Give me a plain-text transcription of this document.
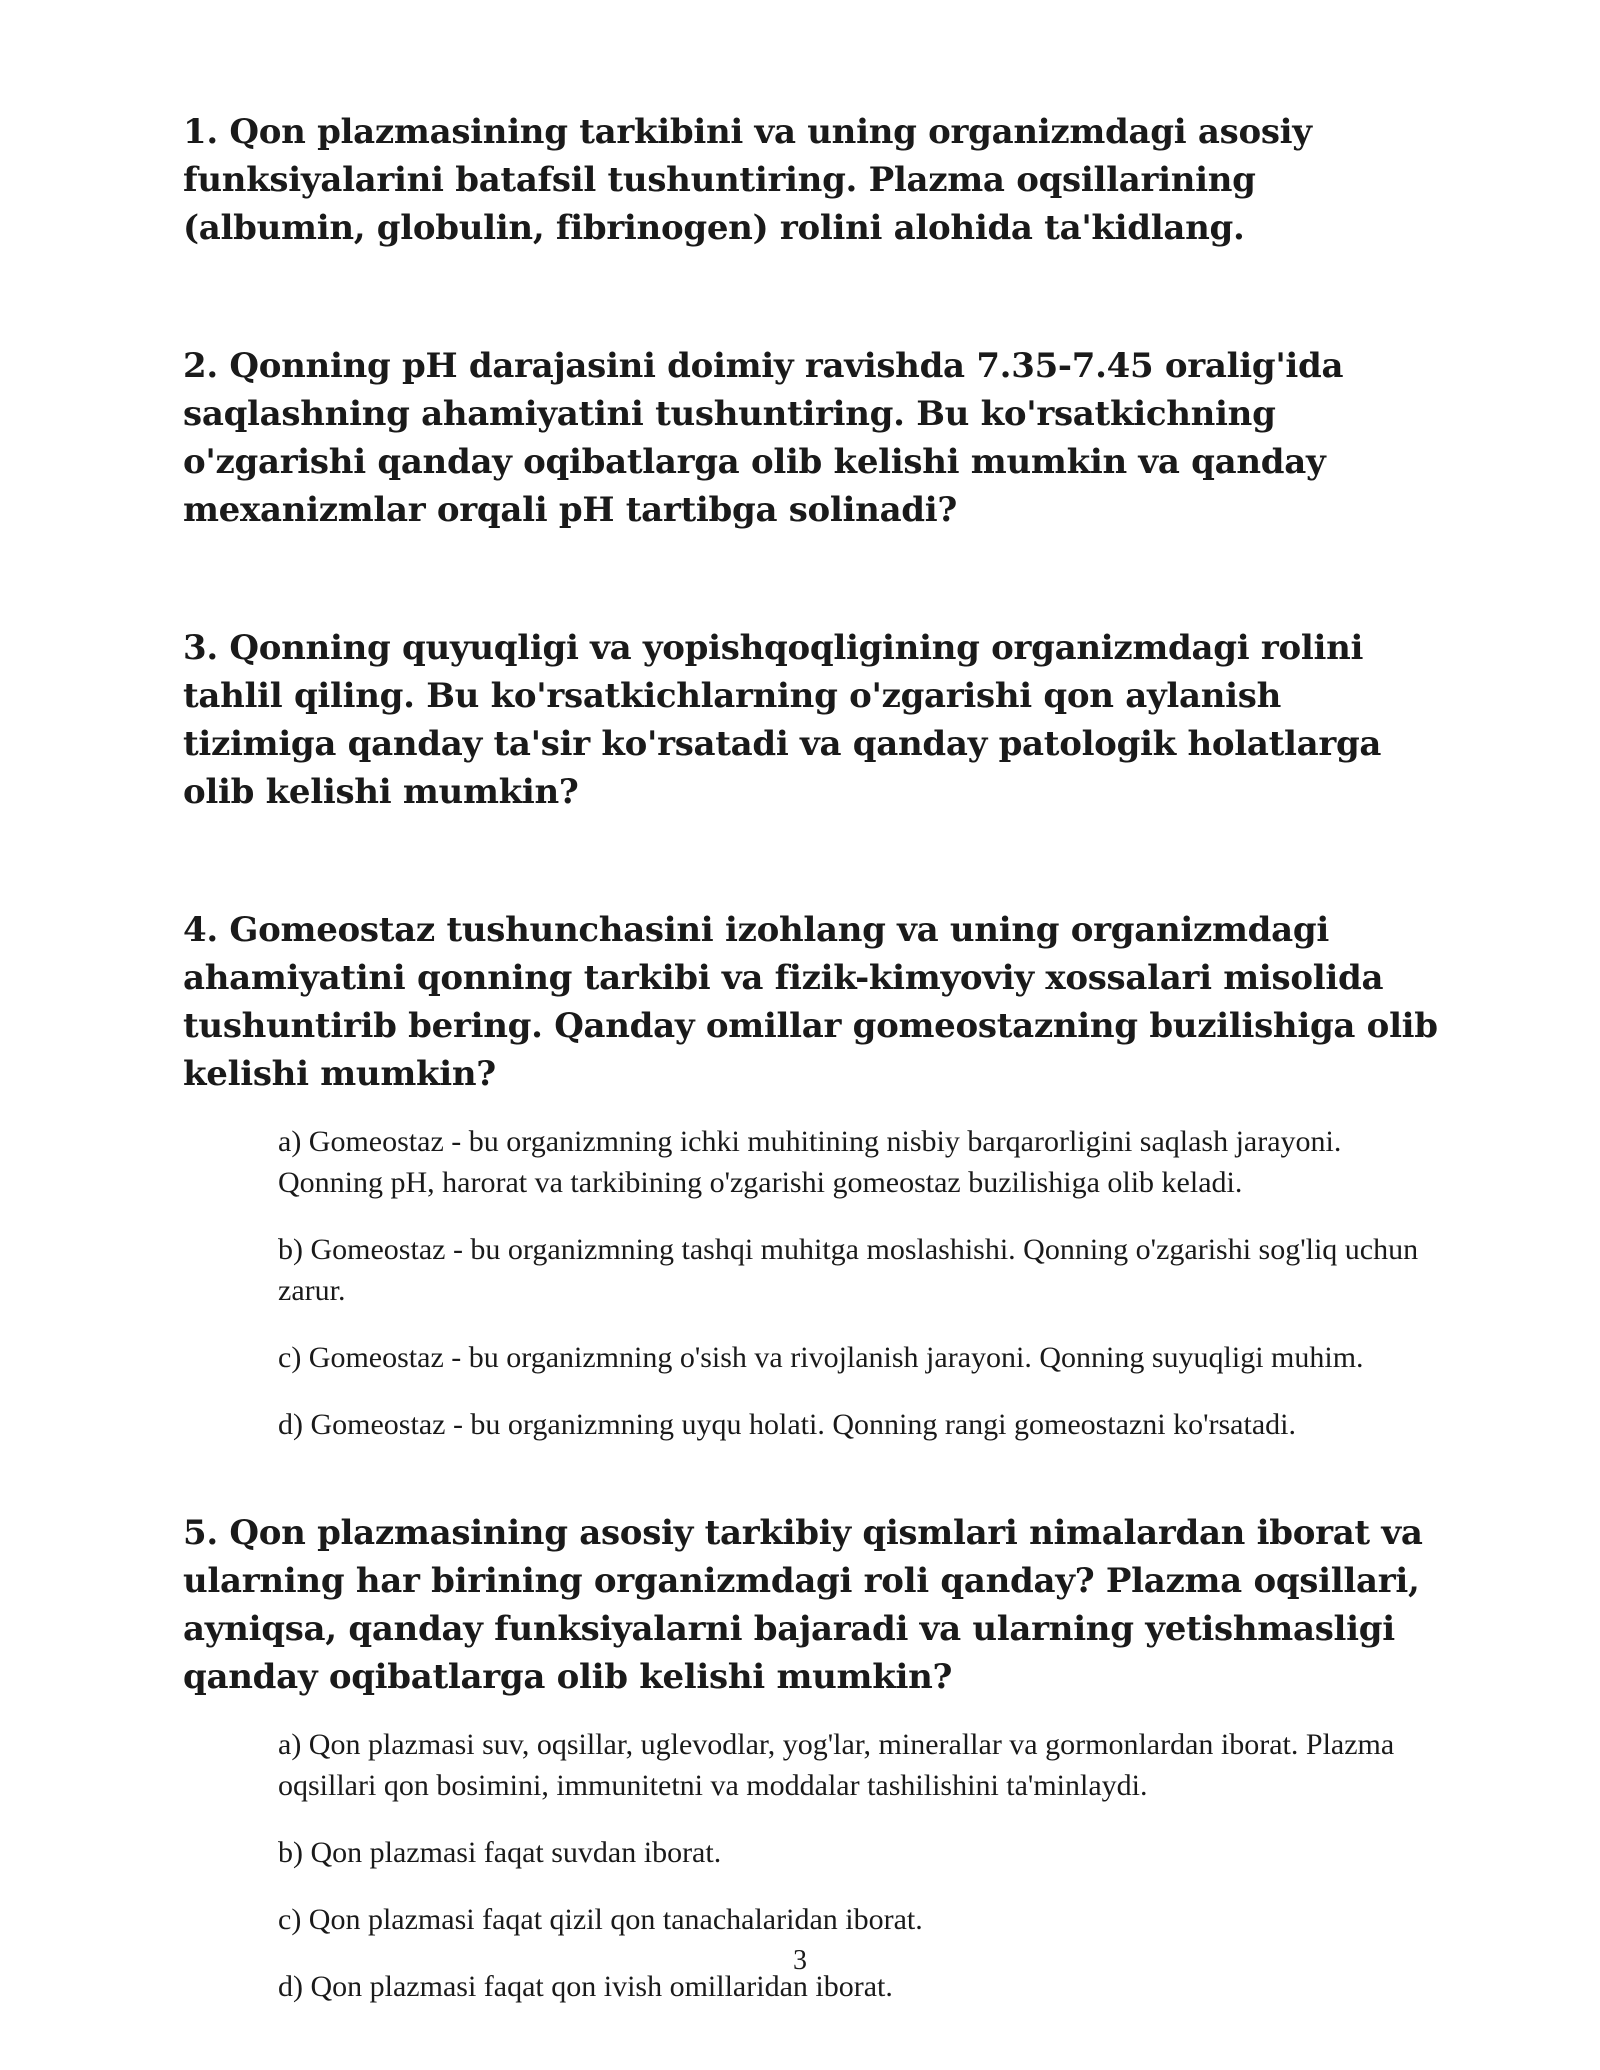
1. Qon plazmasining tarkibini va uning organizmdagi asosiy funksiyalarini batafsil tushuntiring. Plazma oqsillarining (albumin, globulin, fibrinogen) rolini alohida ta'kidlang.

2. Qonning pH darajasini doimiy ravishda 7.35-7.45 oralig'ida saqlashning ahamiyatini tushuntiring. Bu ko'rsatkichning o'zgarishi qanday oqibatlarga olib kelishi mumkin va qanday mexanizmlar orqali pH tartibga solinadi?

3. Qonning quyuqligi va yopishqoqligining organizmdagi rolini tahlil qiling. Bu ko'rsatkichlarning o'zgarishi qon aylanish tizimiga qanday ta'sir ko'rsatadi va qanday patologik holatlarga olib kelishi mumkin?

4. Gomeostaz tushunchasini izohlang va uning organizmdagi ahamiyatini qonning tarkibi va fizik-kimyoviy xossalari misolida tushuntirib bering. Qanday omillar gomeostazning buzilishiga olib kelishi mumkin?

a) Gomeostaz - bu organizmning ichki muhitining nisbiy barqarorligini saqlash jarayoni. Qonning pH, harorat va tarkibining o'zgarishi gomeostaz buzilishiga olib keladi.
b) Gomeostaz - bu organizmning tashqi muhitga moslashishi. Qonning o'zgarishi sog'liq uchun zarur.
c) Gomeostaz - bu organizmning o'sish va rivojlanish jarayoni. Qonning suyuqligi muhim.
d) Gomeostaz - bu organizmning uyqu holati. Qonning rangi gomeostazni ko'rsatadi.

5. Qon plazmasining asosiy tarkibiy qismlari nimalardan iborat va ularning har birining organizmdagi roli qanday? Plazma oqsillari, ayniqsa, qanday funksiyalarni bajaradi va ularning yetishmasligi qanday oqibatlarga olib kelishi mumkin?

a) Qon plazmasi suv, oqsillar, uglevodlar, yog'lar, minerallar va gormonlardan iborat. Plazma oqsillari qon bosimini, immunitetni va moddalar tashilishini ta'minlaydi.
b) Qon plazmasi faqat suvdan iborat.
c) Qon plazmasi faqat qizil qon tanachalaridan iborat.
d) Qon plazmasi faqat qon ivish omillaridan iborat.
3
